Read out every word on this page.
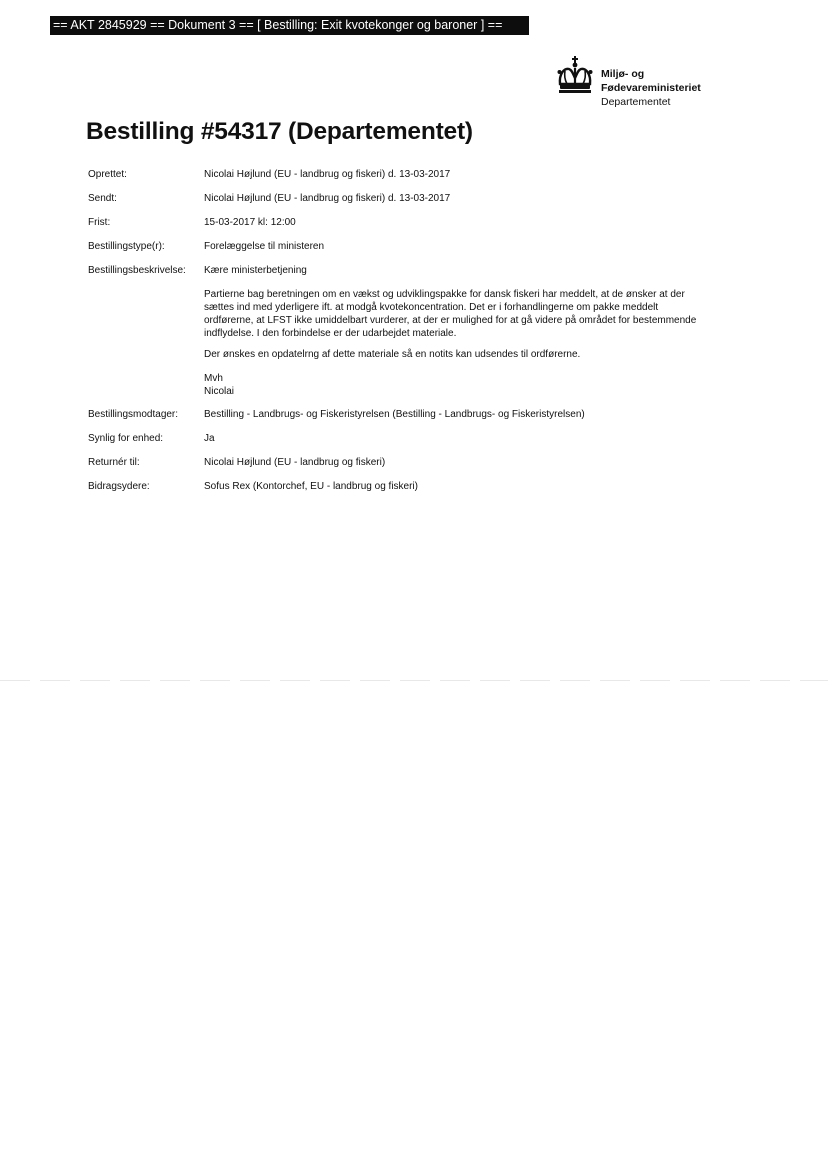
== AKT 2845929 == Dokument 3 == [ Bestilling: Exit kvotekonger og baroner ] ==
Miljø- og
Fødevareministeriet
Departementet
Bestilling #54317 (Departementet)
Oprettet:	Nicolai Højlund (EU - landbrug og fiskeri) d. 13-03-2017
Sendt:	Nicolai Højlund (EU - landbrug og fiskeri) d. 13-03-2017
Frist:	15-03-2017 kl: 12:00
Bestillingstype(r):	Forelæggelse til ministeren
Bestillingsbeskrivelse:	Kære ministerbetjening
Partierne bag beretningen om en vækst og udviklingspakke for dansk fiskeri har meddelt, at de ønsker at der
sættes ind med yderligere ift. at modgå kvotekoncentration. Det er i forhandlingerne om pakke meddelt
ordførerne, at LFST ikke umiddelbart vurderer, at der er mulighed for at gå videre på området for bestemmende
indflydelse. I den forbindelse er der udarbejdet materiale.
Der ønskes en opdatelrng af dette materiale så en notits kan udsendes til ordførerne.
Mvh
Nicolai
Bestillingsmodtager:	Bestilling - Landbrugs- og Fiskeristyrelsen (Bestilling - Landbrugs- og Fiskeristyrelsen)
Synlig for enhed:	Ja
Returnér til:	Nicolai Højlund (EU - landbrug og fiskeri)
Bidragsydere:	Sofus Rex (Kontorchef, EU - landbrug og fiskeri)
